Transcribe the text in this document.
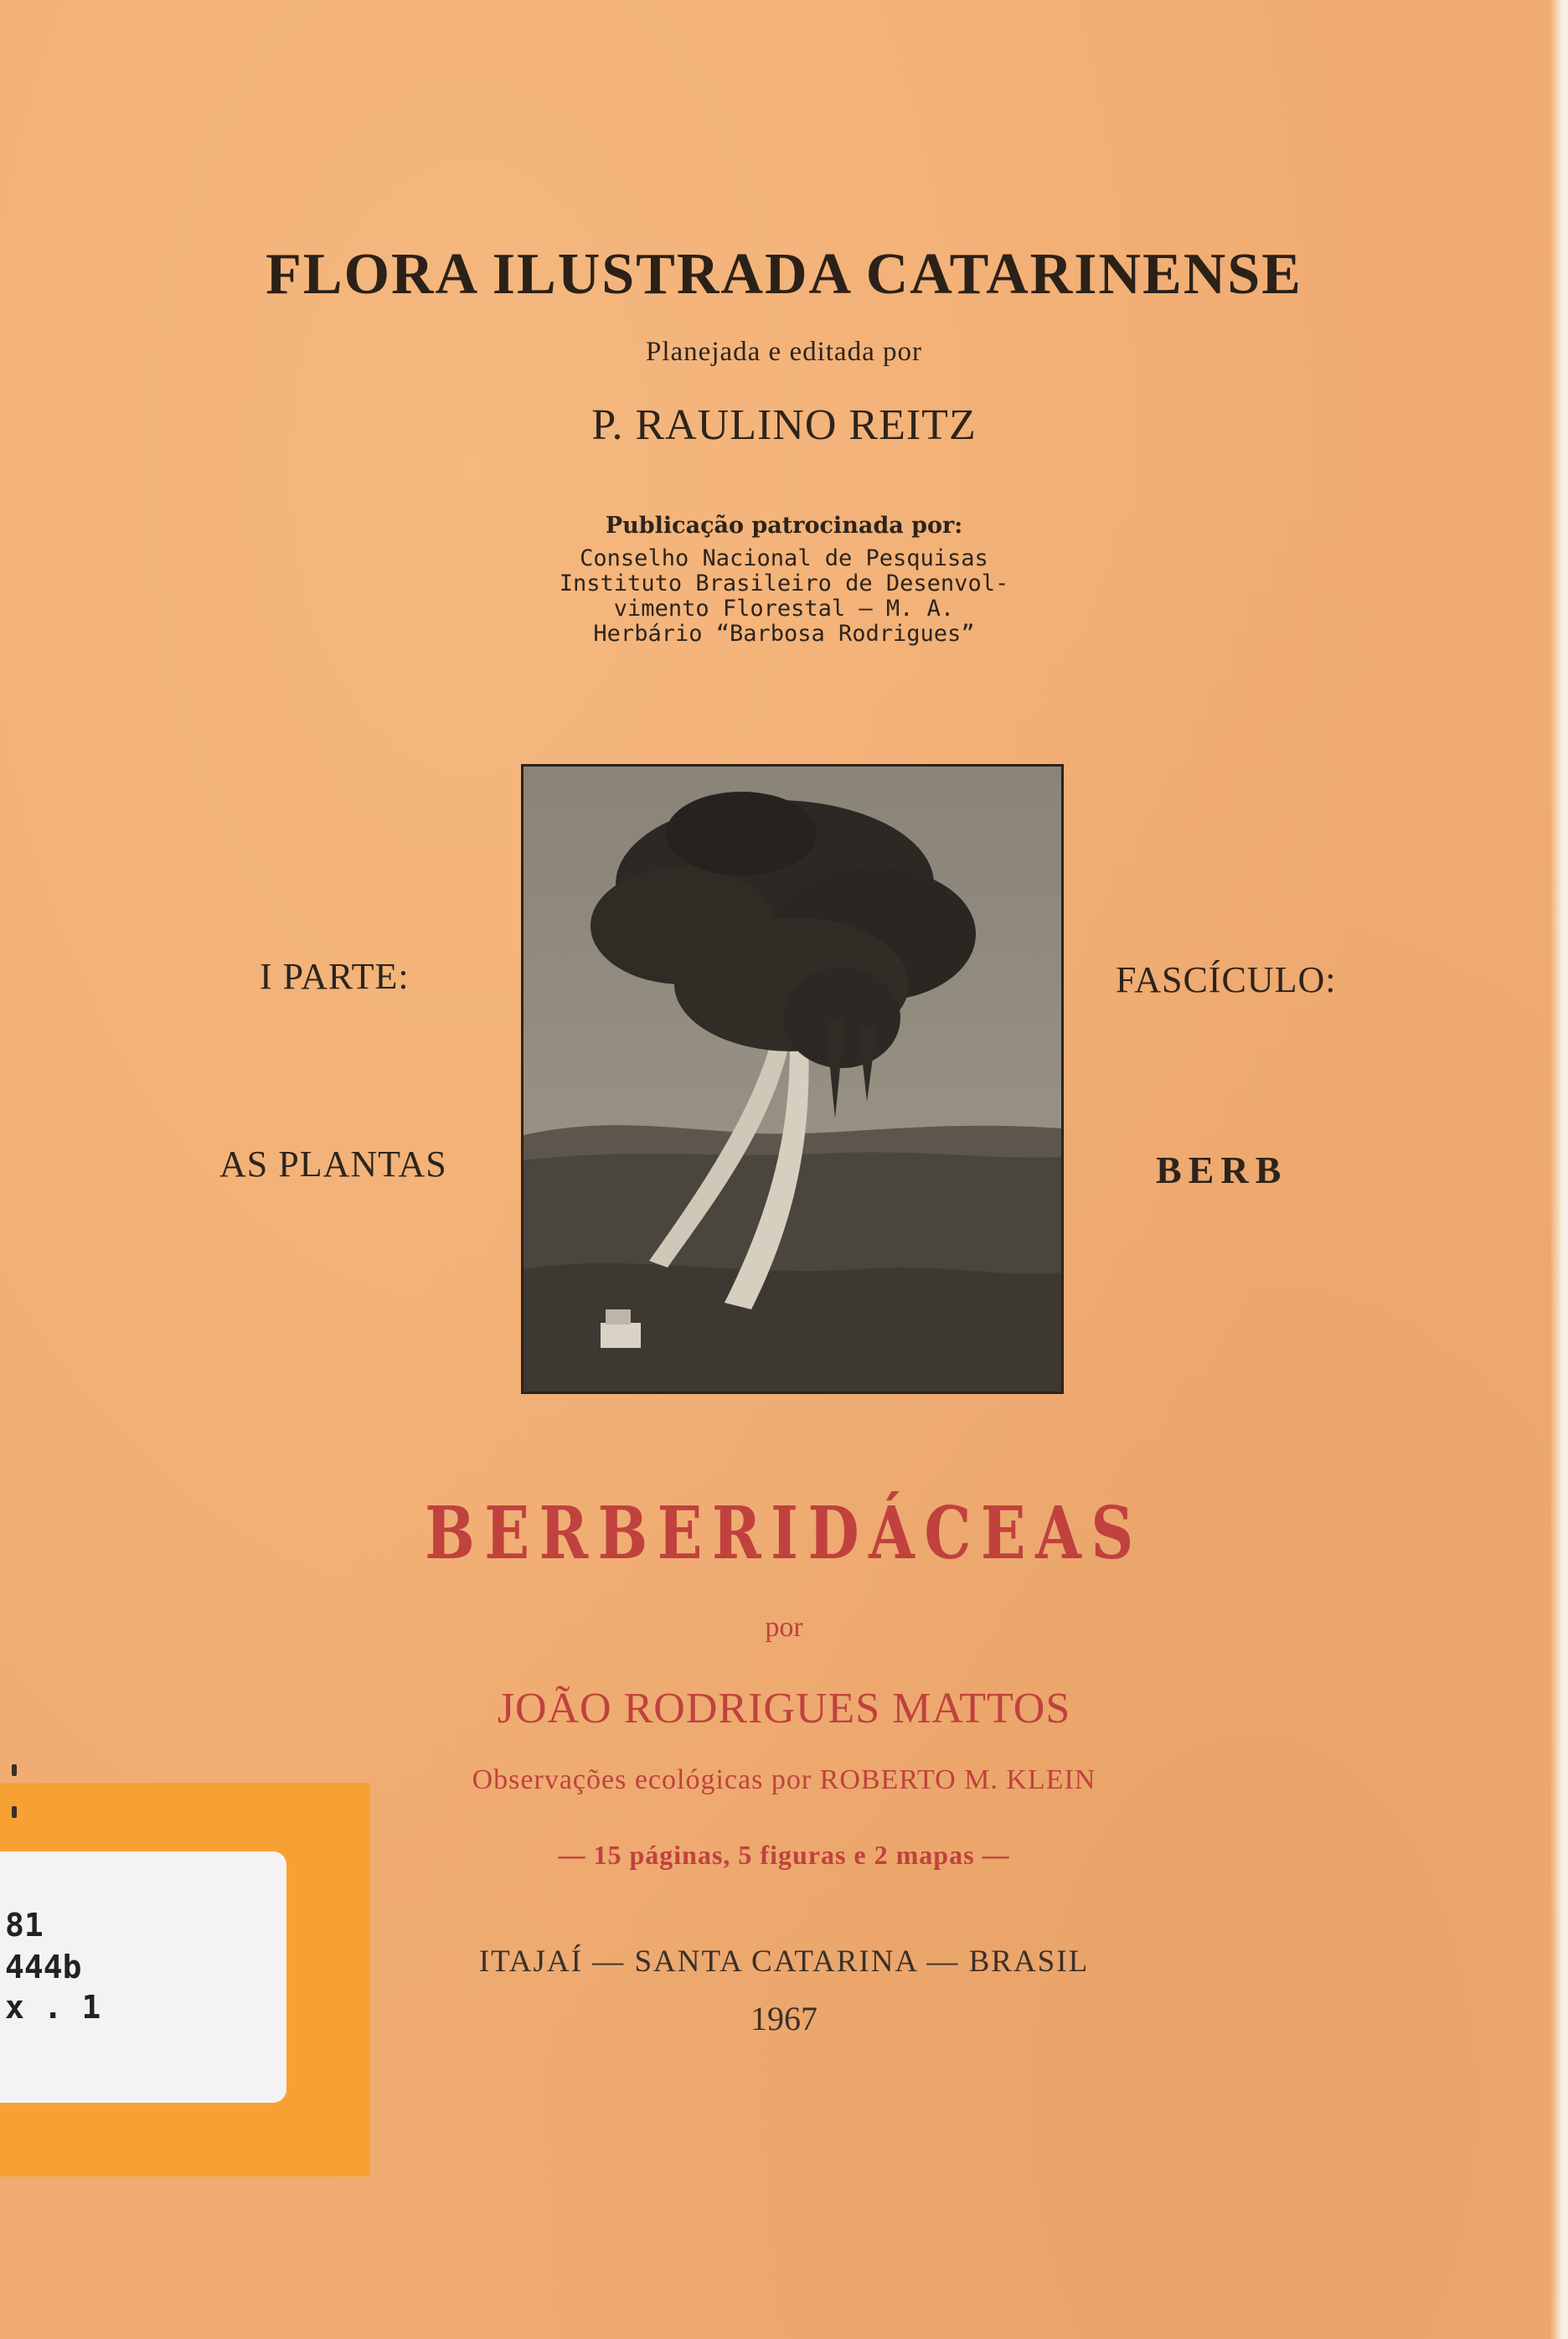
FLORA ILUSTRADA CATARINENSE
Planejada e editada por
P. RAULINO REITZ
Publicação patrocinada por:
Conselho Nacional de Pesquisas
Instituto Brasileiro de Desenvol-
vimento Florestal — M. A.
Herbário “Barbosa Rodrigues”
I PARTE:
AS PLANTAS
FASCÍCULO:
BERB
BERBERIDÁCEAS
por
JOÃO RODRIGUES MATTOS
Observações ecológicas por ROBERTO M. KLEIN
— 15 páginas, 5 figuras e 2 mapas —
ITAJAÍ — SANTA CATARINA — BRASIL
1967
81
444b
x . 1
